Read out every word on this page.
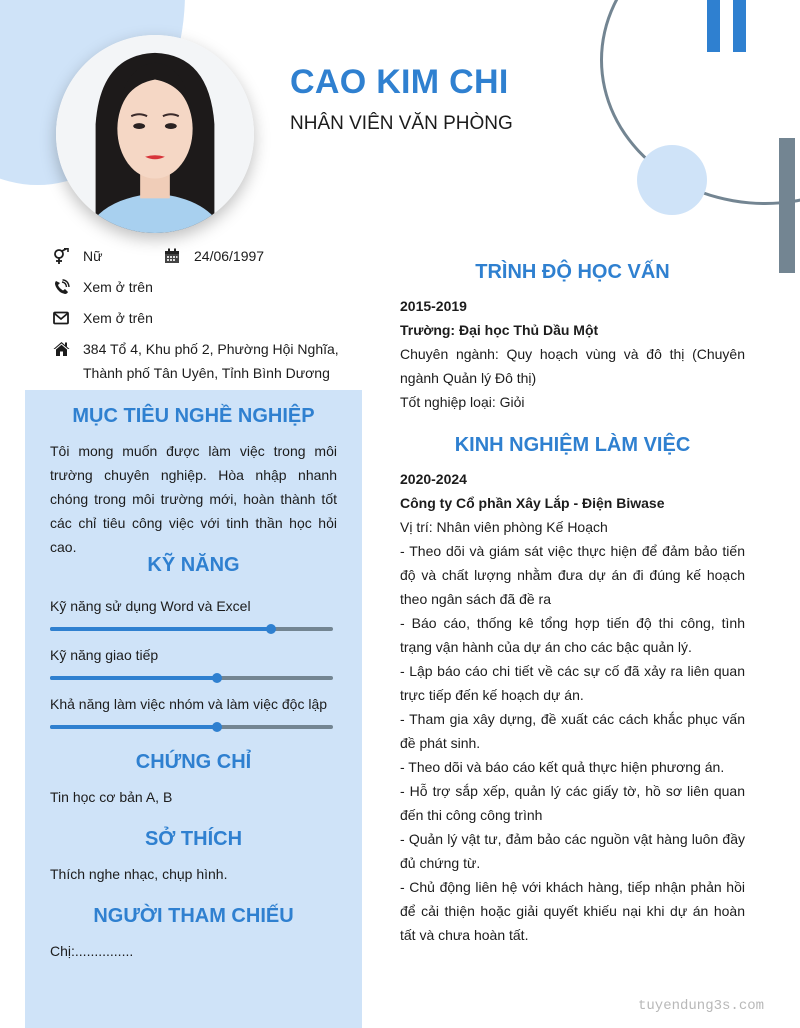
CAO KIM CHI
NHÂN VIÊN VĂN PHÒNG
Nữ	24/06/1997
Xem ở trên
Xem ở trên
384 Tổ 4, Khu phố 2, Phường Hội Nghĩa,
Thành phố Tân Uyên, Tỉnh Bình Dương
MỤC TIÊU NGHỀ NGHIỆP
Tôi mong muốn được làm việc trong môi trường chuyên nghiệp. Hòa nhập nhanh chóng trong môi trường mới, hoàn thành tốt các chỉ tiêu công việc với tinh thần học hỏi cao.
KỸ NĂNG
Kỹ năng sử dụng Word và Excel
Kỹ năng giao tiếp
Khả năng làm việc nhóm và làm việc độc lập
CHỨNG CHỈ
Tin học cơ bản A, B
SỞ THÍCH
Thích nghe nhạc, chụp hình.
NGƯỜI THAM CHIẾU
Chị:...............
TRÌNH ĐỘ HỌC VẤN
2015-2019
Trường: Đại học Thủ Dầu Một
Chuyên ngành: Quy hoạch vùng và đô thị (Chuyên ngành Quản lý Đô thị)
Tốt nghiệp loại: Giỏi
KINH NGHIỆM LÀM VIỆC
2020-2024
Công ty Cổ phần Xây Lắp - Điện Biwase
Vị trí: Nhân viên phòng Kế Hoạch
- Theo dõi và giám sát việc thực hiện để đảm bảo tiến độ và chất lượng nhằm đưa dự án đi đúng kế hoạch theo ngân sách đã đề ra
- Báo cáo, thống kê tổng hợp tiến độ thi công, tình trạng vận hành của dự án cho các bậc quản lý.
- Lập báo cáo chi tiết về các sự cố đã xảy ra liên quan trực tiếp đến kế hoạch dự án.
- Tham gia xây dựng, đề xuất các cách khắc phục vấn đề phát sinh.
- Theo dõi và báo cáo kết quả thực hiện phương án.
- Hỗ trợ sắp xếp, quản lý các giấy tờ, hồ sơ liên quan đến thi công công trình
- Quản lý vật tư, đảm bảo các nguồn vật hàng luôn đầy đủ chứng từ.
- Chủ động liên hệ với khách hàng, tiếp nhận phản hồi để cải thiện hoặc giải quyết khiếu nại khi dự án hoàn tất và chưa hoàn tất.
tuyendung3s.com
